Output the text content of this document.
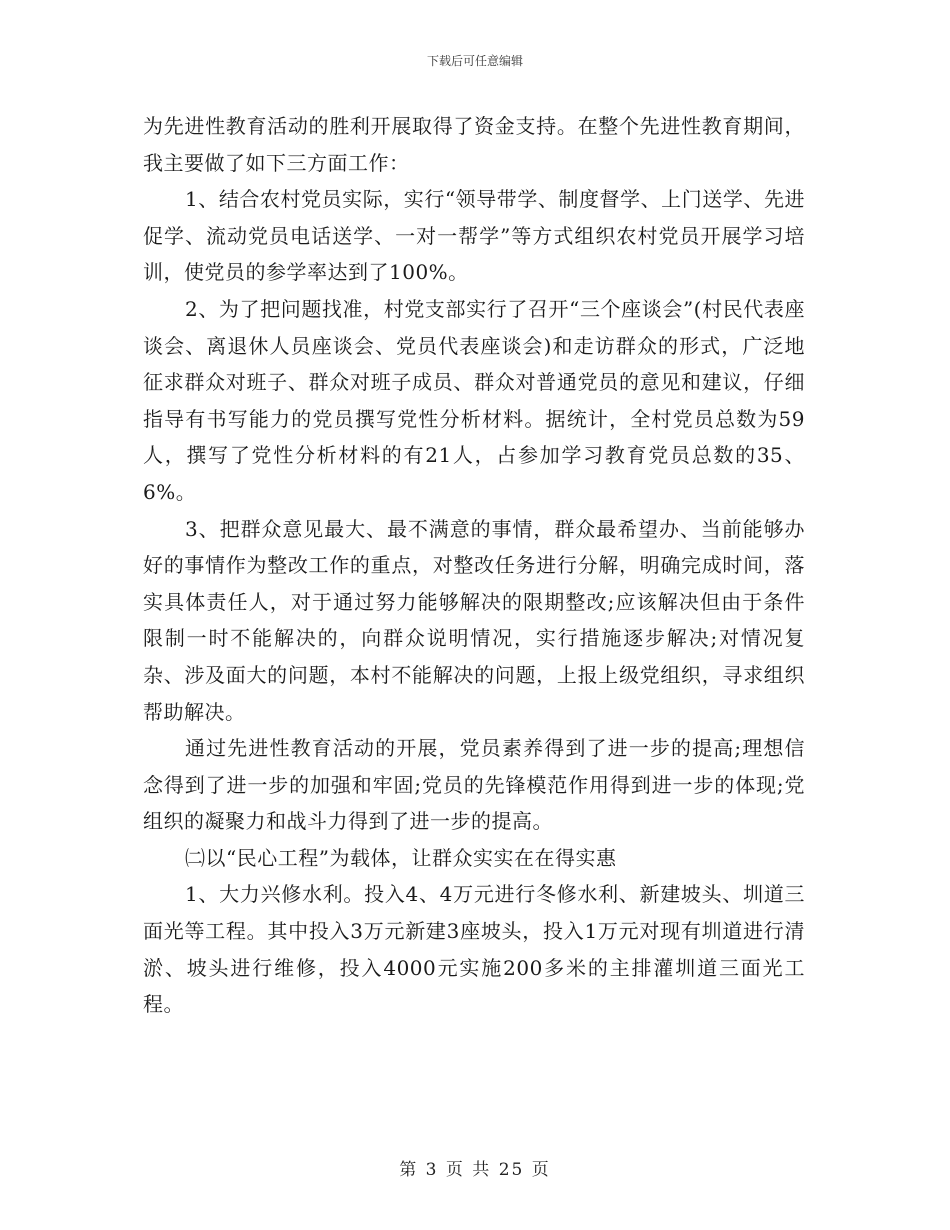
下载后可任意编辑

为先进性教育活动的胜利开展取得了资金支持。在整个先进性教育期间，我主要做了如下三方面工作：

1、结合农村党员实际，实行“领导带学、制度督学、上门送学、先进促学、流动党员电话送学、一对一帮学”等方式组织农村党员开展学习培训，使党员的参学率达到了100%。

2、为了把问题找准，村党支部实行了召开“三个座谈会”(村民代表座谈会、离退休人员座谈会、党员代表座谈会)和走访群众的形式，广泛地征求群众对班子、群众对班子成员、群众对普通党员的意见和建议，仔细指导有书写能力的党员撰写党性分析材料。据统计，全村党员总数为59人，撰写了党性分析材料的有21人，占参加学习教育党员总数的35、6%。

3、把群众意见最大、最不满意的事情，群众最希望办、当前能够办好的事情作为整改工作的重点，对整改任务进行分解，明确完成时间，落实具体责任人，对于通过努力能够解决的限期整改;应该解决但由于条件限制一时不能解决的，向群众说明情况，实行措施逐步解决;对情况复杂、涉及面大的问题，本村不能解决的问题，上报上级党组织，寻求组织帮助解决。

通过先进性教育活动的开展，党员素养得到了进一步的提高;理想信念得到了进一步的加强和牢固;党员的先锋模范作用得到进一步的体现;党组织的凝聚力和战斗力得到了进一步的提高。

㈡以“民心工程”为载体，让群众实实在在得实惠

1、大力兴修水利。投入4、4万元进行冬修水利、新建坡头、圳道三面光等工程。其中投入3万元新建3座坡头，投入1万元对现有圳道进行清淤、坡头进行维修，投入4000元实施200多米的主排灌圳道三面光工程。

第 3 页 共 25 页
